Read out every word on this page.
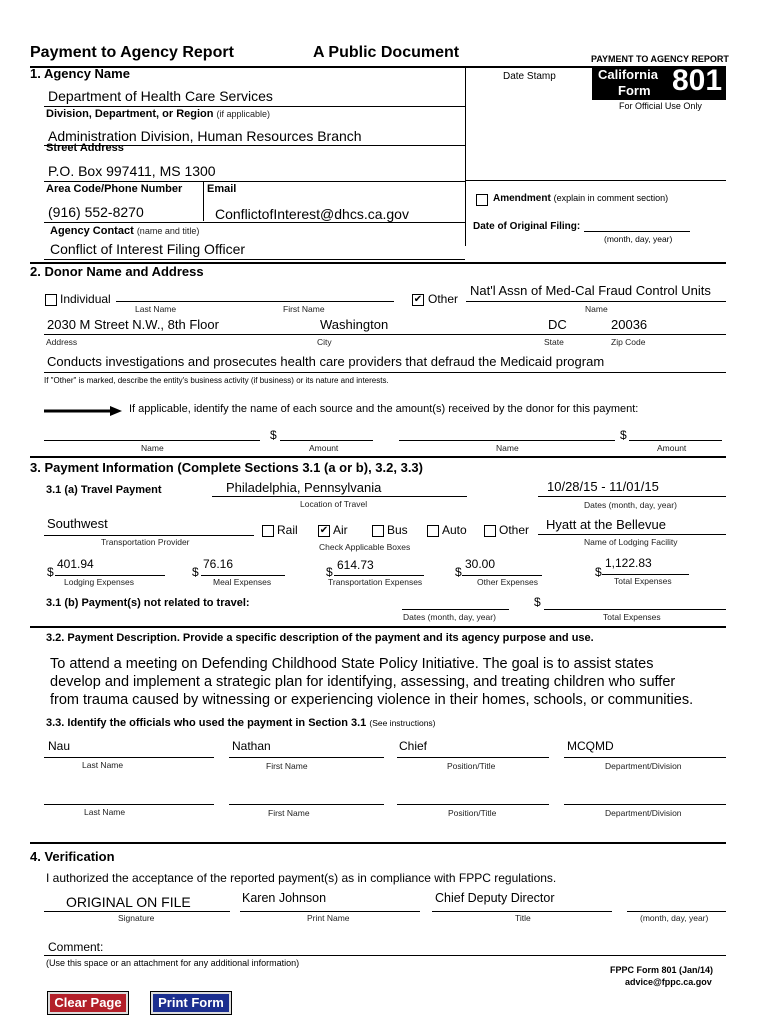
Payment to Agency Report	A Public Document	PAYMENT TO AGENCY REPORT
1. Agency Name	Date Stamp	California
Form 801
For Official Use Only
Department of Health Care Services
Division, Department, or Region (if applicable)
Administration Division, Human Resources Branch
Street Address
P.O. Box 997411, MS 1300
Area Code/Phone Number Email
(916) 552-8270	ConflictofInterest@dhcs.ca.gov
Agency Contact (name and title)
Conflict of Interest Filing Officer
Amendment (explain in comment section)
Date of Original Filing:
(month, day, year)
2. Donor Name and Address
Individual
Last Name	First Name
✔ Other
Nat'l Assn of Med-Cal Fraud Control Units
Name
2030 M Street N.W., 8th Floor	Washington	DC	20036
Address	City	State	Zip Code
Conducts investigations and prosecutes health care providers that defraud the Medicaid program
If "Other" is marked, describe the entity's business activity (if business) or its nature and interests.
If applicable, identify the name of each source and the amount(s) received by the donor for this payment:
$
Name	Amount
$
Name	Amount
3. Payment Information (Complete Sections 3.1 (a or b), 3.2, 3.3)
3.1 (a) Travel Payment	Philadelphia, Pennsylvania
Location of Travel
10/28/15 - 11/01/15
Dates (month, day, year)
Southwest
Transportation Provider
Rail ✔ Air	Bus	Auto	Other
Check Applicable Boxes
Hyatt at the Bellevue
Name of Lodging Facility
$
401.94
Lodging Expenses
$
76.16
Meal Expenses
$ 614.73
Transportation Expenses
$
30.00
Other Expenses
$
1,122.83
Total Expenses
3.1 (b) Payment(s) not related to travel:
Dates (month, day, year)
$
Total Expenses
3.2. Payment Description. Provide a specific description of the payment and its agency purpose and use.
To attend a meeting on Defending Childhood State Policy Initiative. The goal is to assist states
develop and implement a strategic plan for identifying, assessing, and treating children who suffer
from trauma caused by witnessing or experiencing violence in their homes, schools, or communities.
3.3. Identify the officials who used the payment in Section 3.1 (See instructions)
Nau	Nathan	Chief	MCQMD
Last Name	First Name	Position/Title	Department/Division
Last Name	First Name	Position/Title	Department/Division
4. Verification
I authorized the acceptance of the reported payment(s) as in compliance with FPPC regulations.
ORIGINAL ON FILE	Karen Johnson	Chief Deputy Director
Signature	Print Name	Title	(month, day, year)
Comment:
(Use this space or an attachment for any additional information)
FPPC Form 801 (Jan/14)
advice@fppc.ca.gov
Clear Page	Print Form
